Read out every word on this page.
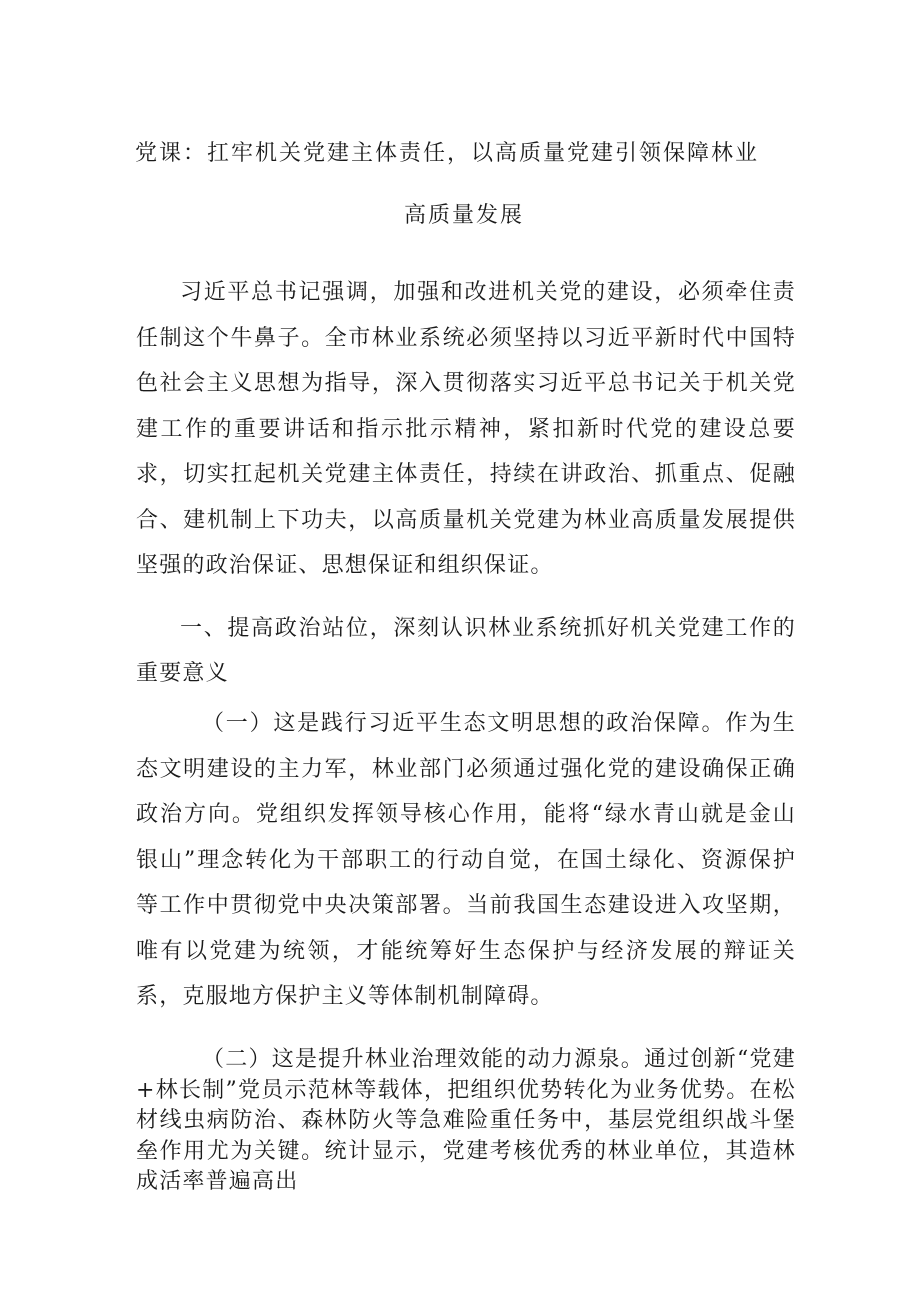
党课：扛牢机关党建主体责任，以高质量党建引领保障林业
高质量发展

习近平总书记强调，加强和改进机关党的建设，必须牵住责任制这个牛鼻子。全市林业系统必须坚持以习近平新时代中国特色社会主义思想为指导，深入贯彻落实习近平总书记关于机关党建工作的重要讲话和指示批示精神，紧扣新时代党的建设总要求，切实扛起机关党建主体责任，持续在讲政治、抓重点、促融合、建机制上下功夫，以高质量机关党建为林业高质量发展提供坚强的政治保证、思想保证和组织保证。

一、提高政治站位，深刻认识林业系统抓好机关党建工作的重要意义

（一）这是践行习近平生态文明思想的政治保障。作为生态文明建设的主力军，林业部门必须通过强化党的建设确保正确政治方向。党组织发挥领导核心作用，能将“绿水青山就是金山银山”理念转化为干部职工的行动自觉，在国土绿化、资源保护等工作中贯彻党中央决策部署。当前我国生态建设进入攻坚期，唯有以党建为统领，才能统筹好生态保护与经济发展的辩证关系，克服地方保护主义等体制机制障碍。

（二）这是提升林业治理效能的动力源泉。通过创新“党建+林长制”党员示范林等载体，把组织优势转化为业务优势。在松材线虫病防治、森林防火等急难险重任务中，基层党组织战斗堡垒作用尤为关键。统计显示，党建考核优秀的林业单位，其造林成活率普遍高出
